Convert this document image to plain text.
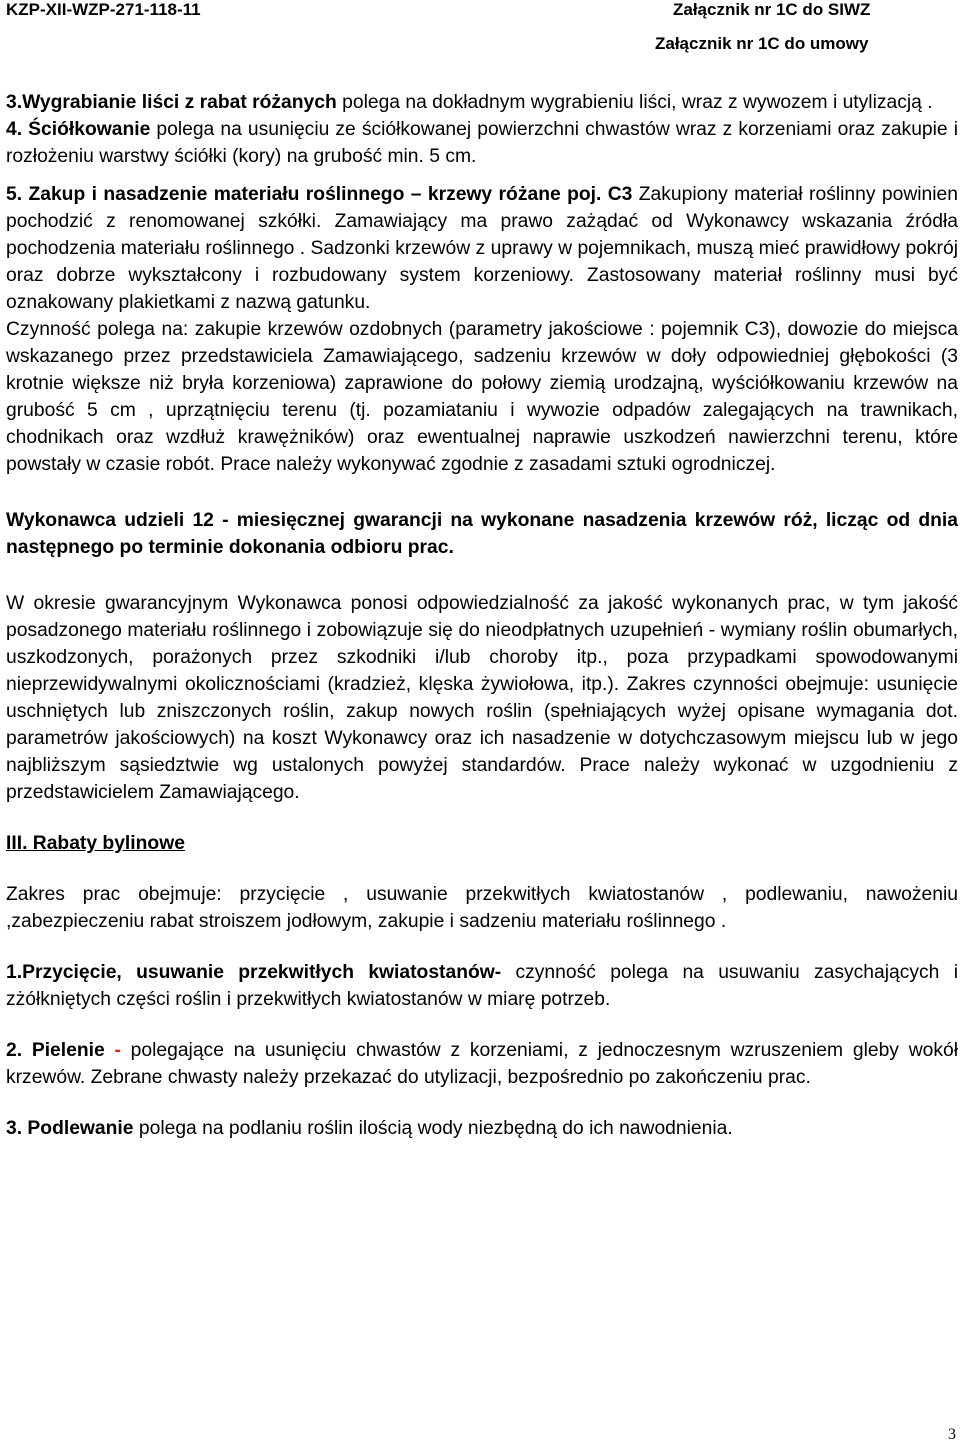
KZP-XII-WZP-271-118-11	Załącznik nr 1C do SIWZ
Załącznik nr 1C do umowy

3.Wygrabianie liści z rabat różanych polega na dokładnym wygrabieniu liści, wraz z wywozem i utylizacją .

4. Ściółkowanie polega na usunięciu ze ściółkowanej powierzchni chwastów wraz z korzeniami oraz zakupie i rozłożeniu warstwy ściółki (kory) na grubość min. 5 cm.

5. Zakup i nasadzenie materiału roślinnego – krzewy różane poj. C3 Zakupiony materiał roślinny powinien pochodzić z renomowanej szkółki. Zamawiający ma prawo zażądać od Wykonawcy wskazania źródła pochodzenia materiału roślinnego . Sadzonki krzewów z uprawy w pojemnikach, muszą mieć prawidłowy pokrój oraz dobrze wykształcony i rozbudowany system korzeniowy. Zastosowany materiał roślinny musi być oznakowany plakietkami z nazwą gatunku.

Czynność polega na: zakupie krzewów ozdobnych (parametry jakościowe : pojemnik C3), dowozie do miejsca wskazanego przez przedstawiciela Zamawiającego, sadzeniu krzewów w doły odpowiedniej głębokości (3 krotnie większe niż bryła korzeniowa) zaprawione do połowy ziemią urodzajną, wyściółkowaniu krzewów na grubość 5 cm , uprzątnięciu terenu (tj. pozamiataniu i wywozie odpadów zalegających na trawnikach, chodnikach oraz wzdłuż krawężników) oraz ewentualnej naprawie uszkodzeń nawierzchni terenu, które powstały w czasie robót. Prace należy wykonywać zgodnie z zasadami sztuki ogrodniczej.

Wykonawca udzieli 12 - miesięcznej gwarancji na wykonane nasadzenia krzewów róż, licząc od dnia następnego po terminie dokonania odbioru prac.

W okresie gwarancyjnym Wykonawca ponosi odpowiedzialność za jakość wykonanych prac, w tym jakość posadzonego materiału roślinnego i zobowiązuje się do nieodpłatnych uzupełnień - wymiany roślin obumarłych, uszkodzonych, porażonych przez szkodniki i/lub choroby itp., poza przypadkami spowodowanymi nieprzewidywalnymi okolicznościami (kradzież, klęska żywiołowa, itp.). Zakres czynności obejmuje: usunięcie uschniętych lub zniszczonych roślin, zakup nowych roślin (spełniających wyżej opisane wymagania dot. parametrów jakościowych) na koszt Wykonawcy oraz ich nasadzenie w dotychczasowym miejscu lub w jego najbliższym sąsiedztwie wg ustalonych powyżej standardów. Prace należy wykonać w uzgodnieniu z przedstawicielem Zamawiającego.

III. Rabaty bylinowe

Zakres prac obejmuje: przycięcie , usuwanie przekwitłych kwiatostanów , podlewaniu, nawożeniu ,zabezpieczeniu rabat stroiszem jodłowym, zakupie i sadzeniu materiału roślinnego .

1.Przycięcie, usuwanie przekwitłych kwiatostanów- czynność polega na usuwaniu zasychających i zżółkniętych części roślin i przekwitłych kwiatostanów w miarę potrzeb.

2. Pielenie - polegające na usunięciu chwastów z korzeniami, z jednoczesnym wzruszeniem gleby wokół krzewów. Zebrane chwasty należy przekazać do utylizacji, bezpośrednio po zakończeniu prac.

3. Podlewanie polega na podlaniu roślin ilością wody niezbędną do ich nawodnienia.

3
